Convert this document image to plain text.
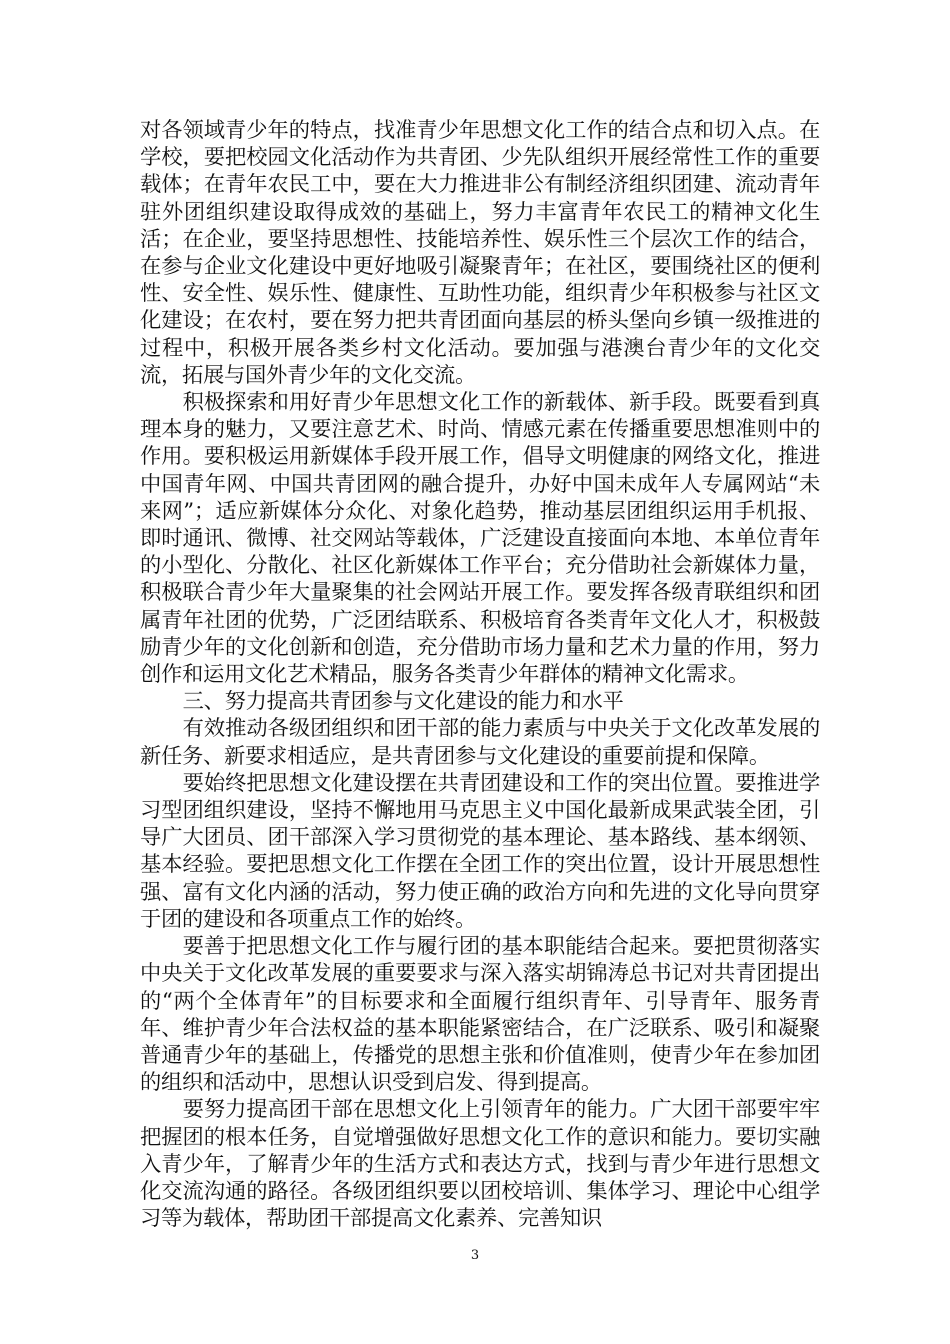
对各领域青少年的特点，找准青少年思想文化工作的结合点和切入点。在学校，要把校园文化活动作为共青团、少先队组织开展经常性工作的重要载体；在青年农民工中，要在大力推进非公有制经济组织团建、流动青年驻外团组织建设取得成效的基础上，努力丰富青年农民工的精神文化生活；在企业，要坚持思想性、技能培养性、娱乐性三个层次工作的结合，在参与企业文化建设中更好地吸引凝聚青年；在社区，要围绕社区的便利性、安全性、娱乐性、健康性、互助性功能，组织青少年积极参与社区文化建设；在农村，要在努力把共青团面向基层的桥头堡向乡镇一级推进的过程中，积极开展各类乡村文化活动。要加强与港澳台青少年的文化交流，拓展与国外青少年的文化交流。

积极探索和用好青少年思想文化工作的新载体、新手段。既要看到真理本身的魅力，又要注意艺术、时尚、情感元素在传播重要思想准则中的作用。要积极运用新媒体手段开展工作，倡导文明健康的网络文化，推进中国青年网、中国共青团网的融合提升，办好中国未成年人专属网站“未来网”；适应新媒体分众化、对象化趋势，推动基层团组织运用手机报、即时通讯、微博、社交网站等载体，广泛建设直接面向本地、本单位青年的小型化、分散化、社区化新媒体工作平台；充分借助社会新媒体力量，积极联合青少年大量聚集的社会网站开展工作。要发挥各级青联组织和团属青年社团的优势，广泛团结联系、积极培育各类青年文化人才，积极鼓励青少年的文化创新和创造，充分借助市场力量和艺术力量的作用，努力创作和运用文化艺术精品，服务各类青少年群体的精神文化需求。

三、努力提高共青团参与文化建设的能力和水平

有效推动各级团组织和团干部的能力素质与中央关于文化改革发展的新任务、新要求相适应，是共青团参与文化建设的重要前提和保障。

要始终把思想文化建设摆在共青团建设和工作的突出位置。要推进学习型团组织建设，坚持不懈地用马克思主义中国化最新成果武装全团，引导广大团员、团干部深入学习贯彻党的基本理论、基本路线、基本纲领、基本经验。要把思想文化工作摆在全团工作的突出位置，设计开展思想性强、富有文化内涵的活动，努力使正确的政治方向和先进的文化导向贯穿于团的建设和各项重点工作的始终。

要善于把思想文化工作与履行团的基本职能结合起来。要把贯彻落实中央关于文化改革发展的重要要求与深入落实胡锦涛总书记对共青团提出的“两个全体青年”的目标要求和全面履行组织青年、引导青年、服务青年、维护青少年合法权益的基本职能紧密结合，在广泛联系、吸引和凝聚普通青少年的基础上，传播党的思想主张和价值准则，使青少年在参加团的组织和活动中，思想认识受到启发、得到提高。

要努力提高团干部在思想文化上引领青年的能力。广大团干部要牢牢把握团的根本任务，自觉增强做好思想文化工作的意识和能力。要切实融入青少年，了解青少年的生活方式和表达方式，找到与青少年进行思想文化交流沟通的路径。各级团组织要以团校培训、集体学习、理论中心组学习等为载体，帮助团干部提高文化素养、完善知识

3
